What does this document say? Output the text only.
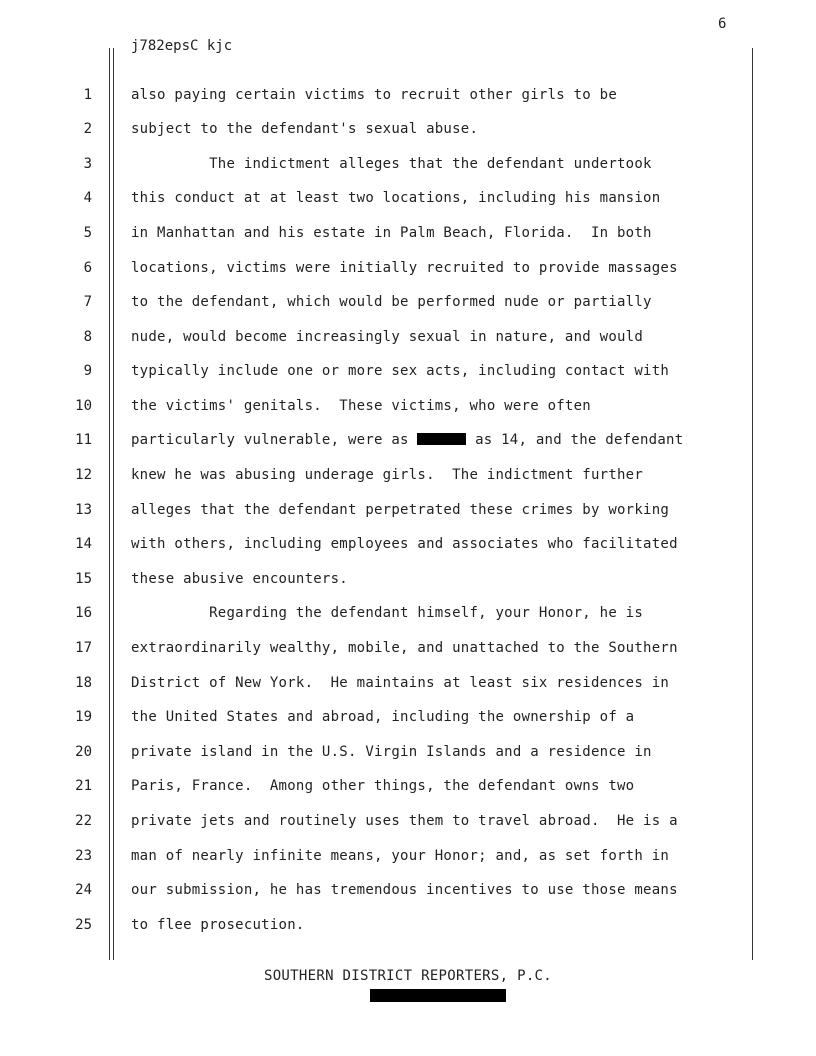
6
j782epsC kjc
1	also paying certain victims to recruit other girls to be
2	subject to the defendant's sexual abuse.
3	The indictment alleges that the defendant undertook
4	this conduct at at least two locations, including his mansion
5	in Manhattan and his estate in Palm Beach, Florida.  In both
6	locations, victims were initially recruited to provide massages
7	to the defendant, which would be performed nude or partially
8	nude, would become increasingly sexual in nature, and would
9	typically include one or more sex acts, including contact with
10	the victims' genitals.  These victims, who were often
11	particularly vulnerable, were as	as 14, and the defendant
12	knew he was abusing underage girls.  The indictment further
13	alleges that the defendant perpetrated these crimes by working
14	with others, including employees and associates who facilitated
15	these abusive encounters.
16	Regarding the defendant himself, your Honor, he is
17	extraordinarily wealthy, mobile, and unattached to the Southern
18	District of New York.  He maintains at least six residences in
19	the United States and abroad, including the ownership of a
20	private island in the U.S. Virgin Islands and a residence in
21	Paris, France.  Among other things, the defendant owns two
22	private jets and routinely uses them to travel abroad.  He is a
23	man of nearly infinite means, your Honor; and, as set forth in
24	our submission, he has tremendous incentives to use those means
25	to flee prosecution.
SOUTHERN DISTRICT REPORTERS, P.C.
